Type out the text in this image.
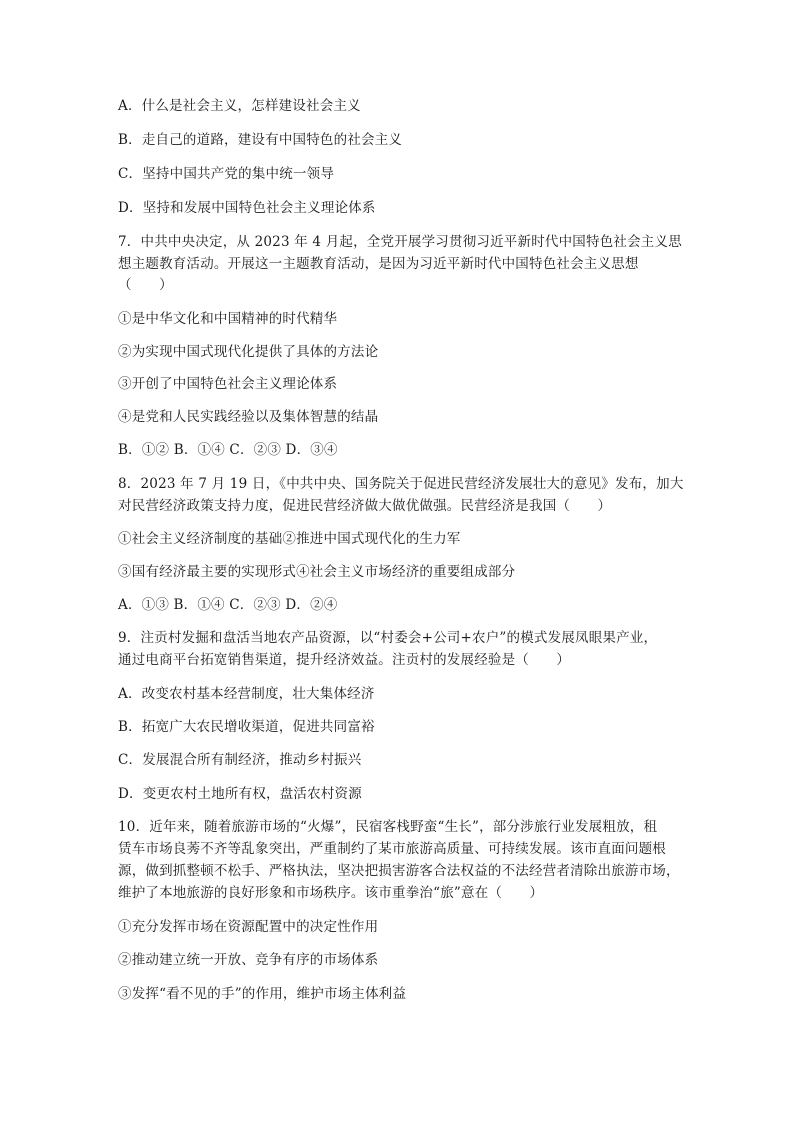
A．什么是社会主义，怎样建设社会主义
B．走自己的道路，建设有中国特色的社会主义
C．坚持中国共产党的集中统一领导
D．坚持和发展中国特色社会主义理论体系
7．中共中央决定，从 2023 年 4 月起，全党开展学习贯彻习近平新时代中国特色社会主义思
想主题教育活动。开展这一主题教育活动，是因为习近平新时代中国特色社会主义思想
（　　）
①是中华文化和中国精神的时代精华
②为实现中国式现代化提供了具体的方法论
③开创了中国特色社会主义理论体系
④是党和人民实践经验以及集体智慧的结晶
B．①② B．①④ C．②③ D．③④
8．2023 年 7 月 19 日，《中共中央、国务院关于促进民营经济发展壮大的意见》发布，加大
对民营经济政策支持力度，促进民营经济做大做优做强。民营经济是我国（　　）
①社会主义经济制度的基础②推进中国式现代化的生力军
③国有经济最主要的实现形式④社会主义市场经济的重要组成部分
A．①③ B．①④ C．②③ D．②④
9．注贡村发掘和盘活当地农产品资源，以“村委会+公司+农户”的模式发展凤眼果产业，
通过电商平台拓宽销售渠道，提升经济效益。注贡村的发展经验是（　　）
A．改变农村基本经营制度，壮大集体经济
B．拓宽广大农民增收渠道，促进共同富裕
C．发展混合所有制经济，推动乡村振兴
D．变更农村土地所有权，盘活农村资源
10．近年来，随着旅游市场的“火爆”，民宿客栈野蛮“生长”，部分涉旅行业发展粗放，租
赁车市场良莠不齐等乱象突出，严重制约了某市旅游高质量、可持续发展。该市直面问题根
源，做到抓整顿不松手、严格执法，坚决把损害游客合法权益的不法经营者清除出旅游市场，
维护了本地旅游的良好形象和市场秩序。该市重拳治“旅”意在（　　）
①充分发挥市场在资源配置中的决定性作用
②推动建立统一开放、竞争有序的市场体系
③发挥“看不见的手”的作用，维护市场主体利益
